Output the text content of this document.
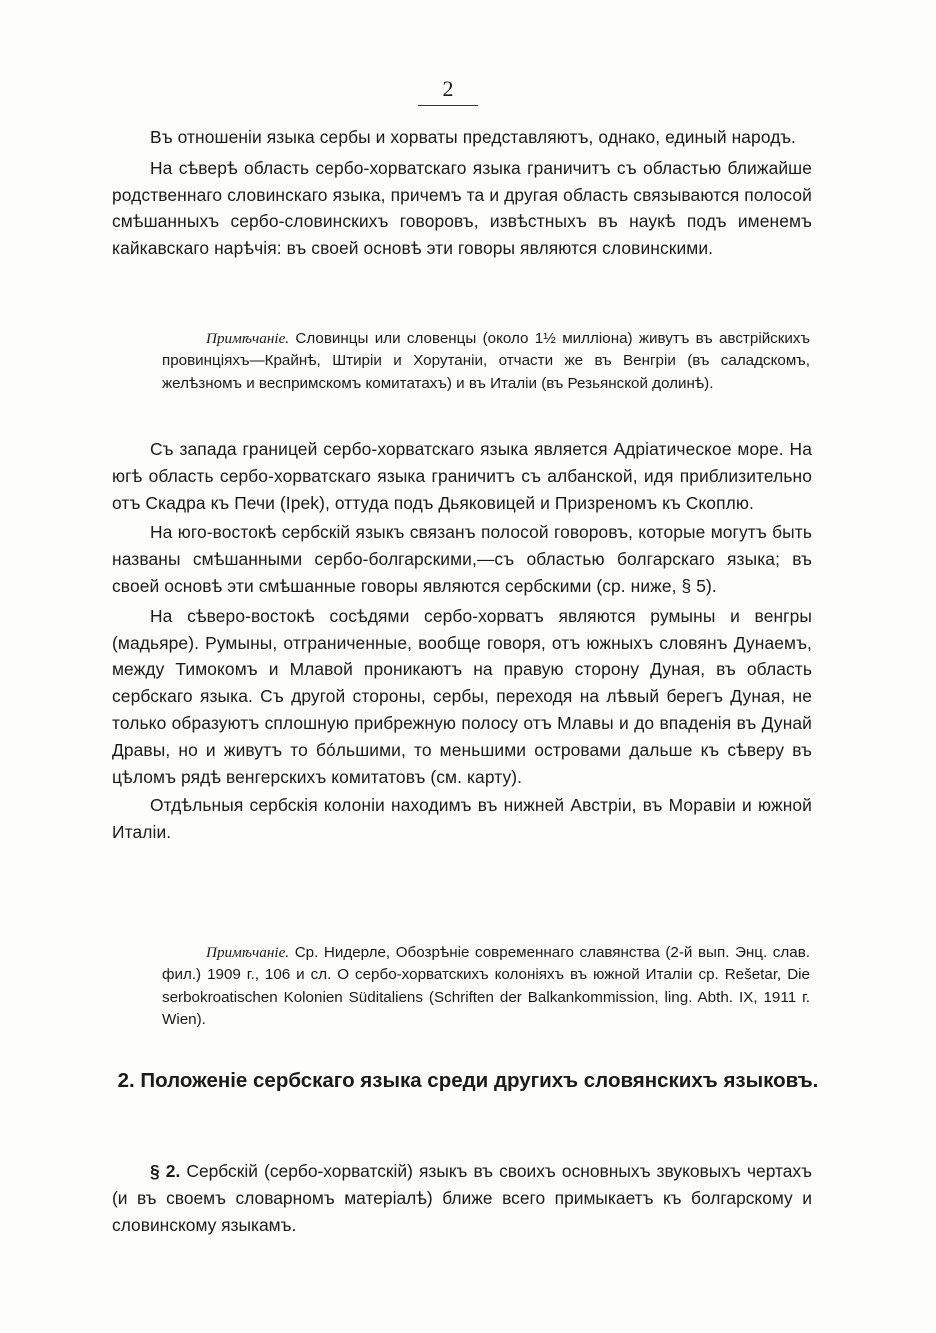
2

Въ отношеніи языка сербы и хорваты представляютъ, однако, единый народъ.

На сѣверѣ область сербо-хорватскаго языка граничитъ съ областью ближайше родственнаго словинскаго языка, причемъ та и другая область связываются полосой смѣшанныхъ сербо-словинскихъ говоровъ, извѣстныхъ въ наукѣ подъ именемъ кайкавскаго нарѣчія: въ своей основѣ эти говоры являются словинскими.

Примѣчаніе. Словинцы или словенцы (около 1½ милліона) живутъ въ австрійскихъ провинціяхъ—Крайнѣ, Штиріи и Хорутаніи, отчасти же въ Венгріи (въ саладскомъ, желѣзномъ и веспримскомъ комитатахъ) и въ Италіи (въ Резьянской долинѣ).

Съ запада границей сербо-хорватскаго языка является Адріатическое море. На югѣ область сербо-хорватскаго языка граничитъ съ албанской, идя приблизительно отъ Скадра къ Печи (Ipek), оттуда подъ Дьяковицей и Призреномъ къ Скоплю.

На юго-востокѣ сербскій языкъ связанъ полосой говоровъ, которые могутъ быть названы смѣшанными сербо-болгарскими,—съ областью болгарскаго языка; въ своей основѣ эти смѣшанные говоры являются сербскими (ср. ниже, § 5).

На сѣверо-востокѣ сосѣдями сербо-хорватъ являются румыны и венгры (мадьяре). Румыны, отграниченные, вообще говоря, отъ южныхъ словянъ Дунаемъ, между Тимокомъ и Млавой проникаютъ на правую сторону Дуная, въ область сербскаго языка. Съ другой стороны, сербы, переходя на лѣвый берегъ Дуная, не только образуютъ сплошную прибрежную полосу отъ Млавы и до впаденія въ Дунай Дравы, но и живутъ то бóльшими, то меньшими островами дальше къ сѣверу въ цѣломъ рядѣ венгерскихъ комитатовъ (см. карту).

Отдѣльныя сербскія колоніи находимъ въ нижней Австріи, въ Моравіи и южной Италіи.

Примѣчаніе. Ср. Нидерле, Обозрѣніе современнаго славянства (2-й вып. Энц. слав. фил.) 1909 г., 106 и сл. О сербо-хорватскихъ колоніяхъ въ южной Италіи ср. Rešetar, Die serbokroatischen Kolonien Süditaliens (Schriften der Balkankommission, ling. Abth. IX, 1911 г. Wien).
2. Положеніе сербскаго языка среди другихъ словянскихъ языковъ.

§ 2. Сербскій (сербо-хорватскій) языкъ въ своихъ основныхъ звуковыхъ чертахъ (и въ своемъ словарномъ матеріалѣ) ближе всего примыкаетъ къ болгарскому и словинскому языкамъ.
